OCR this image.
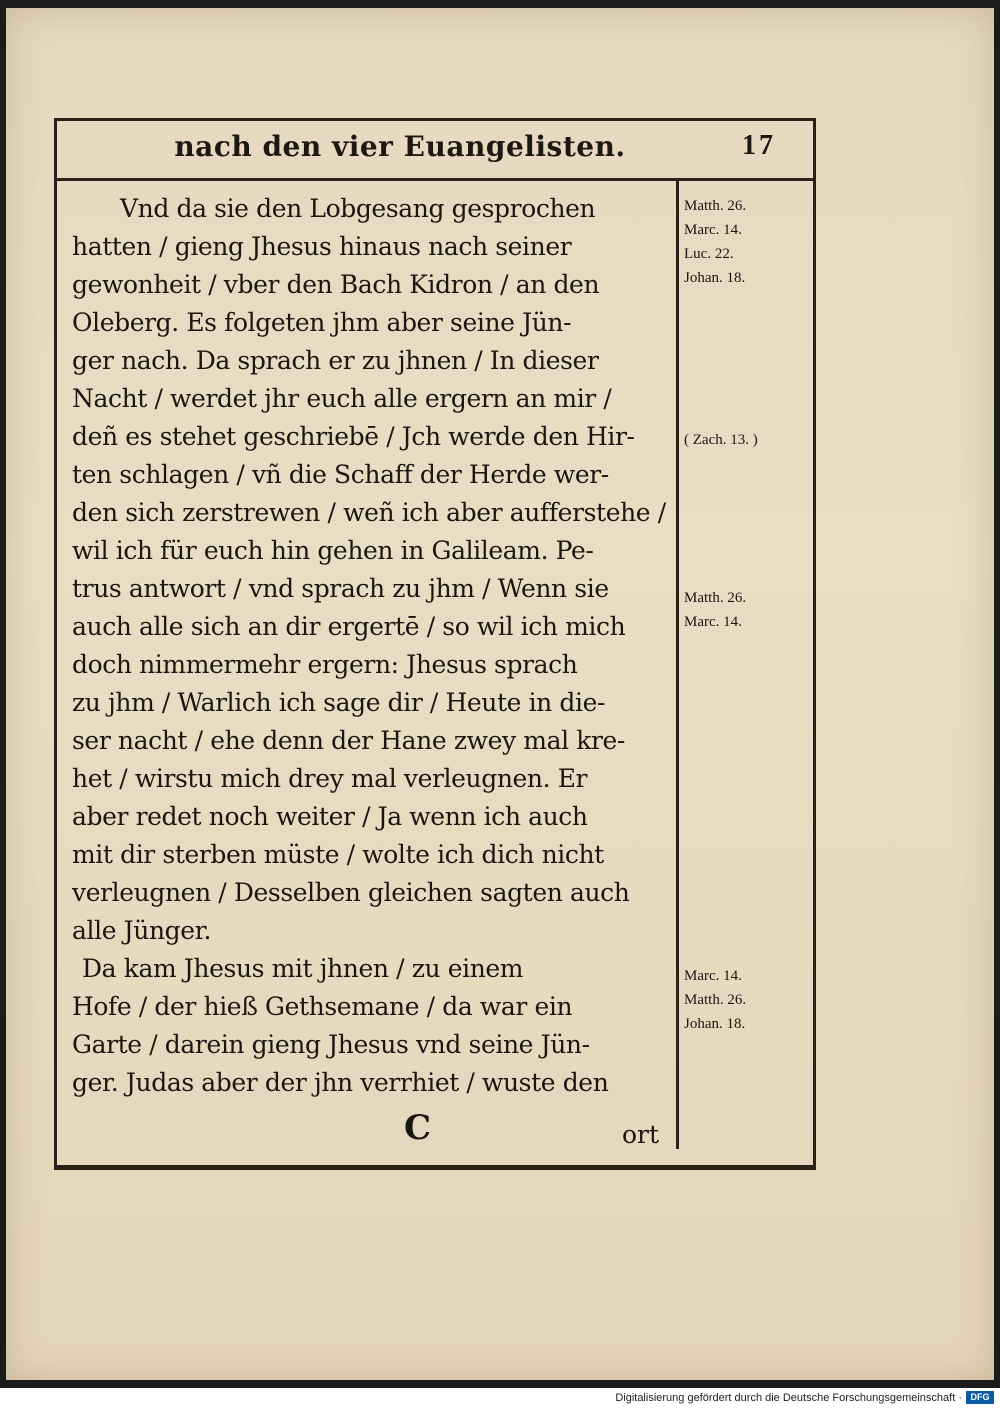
nach den vier Euangelisten.	17
Vnd da sie den Lobgesang gesprochen
hatten / gieng Jhesus hinaus nach seiner
gewonheit / vber den Bach Kidron / an den
Oleberg. Es folgeten jhm aber seine Jün-
ger nach. Da sprach er zu jhnen / In dieser
Nacht / werdet jhr euch alle ergern an mir /
deñ es stehet geschriebē / Jch werde den Hir-
ten schlagen / vñ die Schaff der Herde wer-
den sich zerstrewen / weñ ich aber aufferstehe /
wil ich für euch hin gehen in Galileam. Pe-
trus antwort / vnd sprach zu jhm / Wenn sie
auch alle sich an dir ergertē / so wil ich mich
doch nimmermehr ergern: Jhesus sprach
zu jhm / Warlich ich sage dir / Heute in die-
ser nacht / ehe denn der Hane zwey mal kre-
het / wirstu mich drey mal verleugnen. Er
aber redet noch weiter / Ja wenn ich auch
mit dir sterben müste / wolte ich dich nicht
verleugnen / Desselben gleichen sagten auch
alle Jünger.
Da kam Jhesus mit jhnen / zu einem
Hofe / der hieß Gethsemane / da war ein
Garte / darein gieng Jhesus vnd seine Jün-
ger. Judas aber der jhn verrhiet / wuste den
Matth. 26.
Marc. 14.
Luc. 22.
Johan. 18.
( Zach. 13. )
Matth. 26.
Marc. 14.
Marc. 14.
Matth. 26.
Johan. 18.
C	ort
Digitalisierung gefördert durch die Deutsche Forschungsgemeinschaft · DFG
